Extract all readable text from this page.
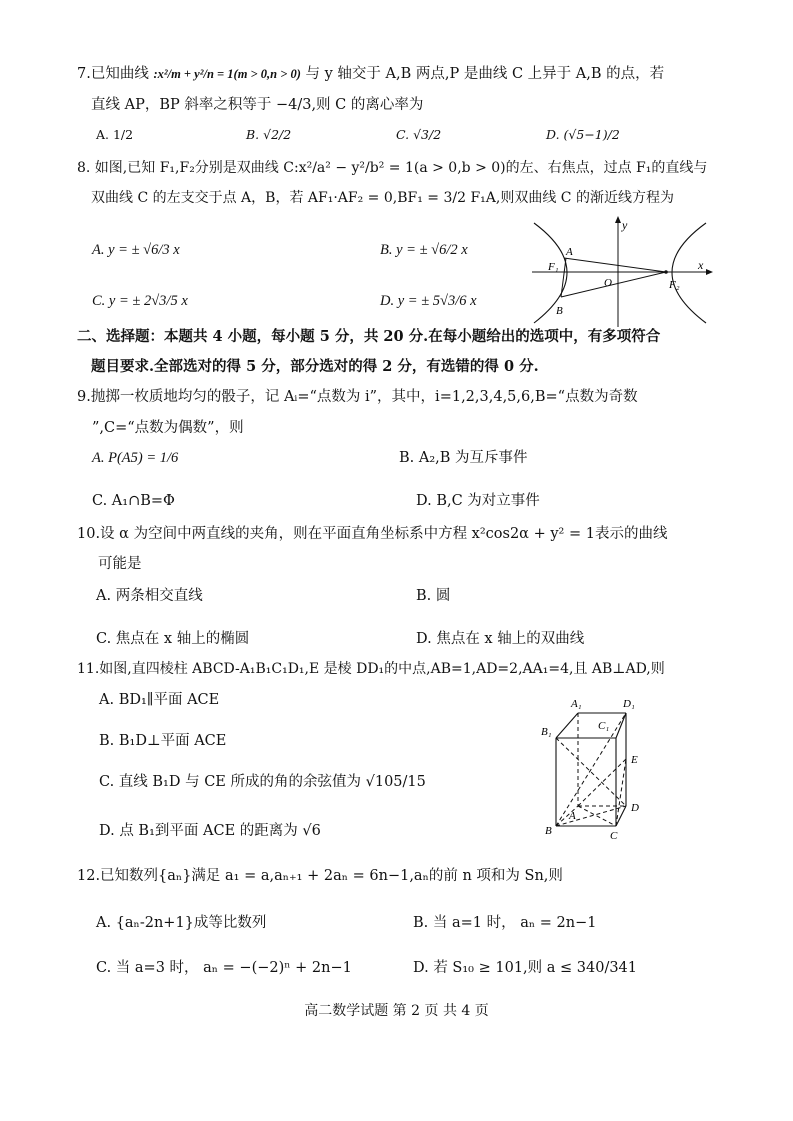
7.已知曲线 :x²/m + y²/n = 1(m > 0,n > 0) 与 y 轴交于 A,B 两点,P 是曲线 C 上异于 A,B 的点，若
直线 AP，BP 斜率之积等于 −4/3,则 C 的离心率为
A. 1/2	B. √2/2	C. √3/2	D. (√5−1)/2
8. 如图,已知 F₁,F₂分别是双曲线 C:x²/a² − y²/b² = 1(a > 0,b > 0)的左、右焦点，过点 F₁的直线与
双曲线 C 的左支交于点 A，B，若 AF₁·AF₂ = 0,BF₁ = 3/2 F₁A,则双曲线 C 的渐近线方程为
A. y = ± √6/3 x	B. y = ± √6/2 x
C. y = ± 2√3/5 x	D. y = ± 5√3/6 x
y
x
A
B
F₁
F₂
O
二、选择题：本题共 4 小题，每小题 5 分，共 20 分.在每小题给出的选项中，有多项符合
题目要求.全部选对的得 5 分，部分选对的得 2 分，有选错的得 0 分.
9.抛掷一枚质地均匀的骰子，记 Aᵢ=“点数为 i”，其中，i=1,2,3,4,5,6,B=“点数为奇数
”,C=“点数为偶数”，则
A. P(A5) = 1/6	B. A₂,B 为互斥事件
C. A₁∩B=Φ	D. B,C 为对立事件
10.设 α 为空间中两直线的夹角，则在平面直角坐标系中方程 x²cos2α + y² = 1表示的曲线
可能是
A. 两条相交直线	B. 圆
C. 焦点在 x 轴上的椭圆	D. 焦点在 x 轴上的双曲线
11.如图,直四棱柱 ABCD-A₁B₁C₁D₁,E 是棱 DD₁的中点,AB=1,AD=2,AA₁=4,且 AB⊥AD,则
A. BD₁∥平面 ACE
B. B₁D⊥平面 ACE
C. 直线 B₁D 与 CE 所成的角的余弦值为 √105/15
D. 点 B₁到平面 ACE 的距离为 √6
A₁	D₁
B₁	C₁
E
D
A
B	C
12.已知数列{aₙ}满足 a₁ = a,aₙ₊₁ + 2aₙ = 6n−1,aₙ的前 n 项和为 Sn,则
A. {aₙ-2n+1}成等比数列	B. 当 a=1 时， aₙ = 2n−1
C. 当 a=3 时， aₙ = −(−2)ⁿ + 2n−1	D. 若 S₁₀ ≥ 101,则 a ≤ 340/341
高二数学试题 第 2 页 共 4 页
